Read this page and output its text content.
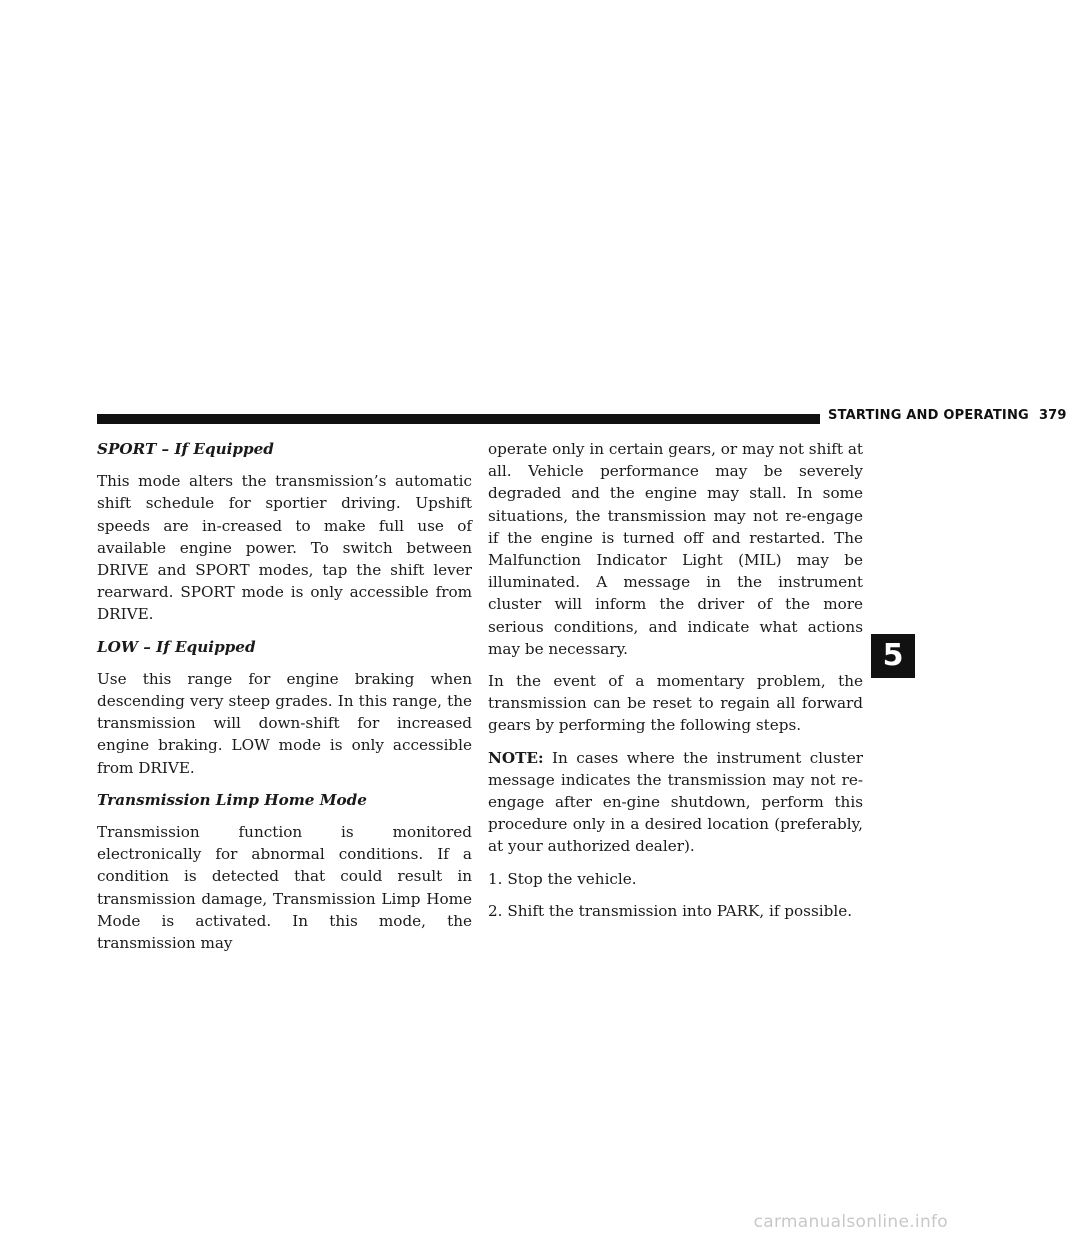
STARTING AND OPERATING 379
SPORT – If Equipped

This mode alters the transmission’s automatic shift schedule for sportier driving. Upshift speeds are in-creased to make full use of available engine power. To switch between DRIVE and SPORT modes, tap the shift lever rearward. SPORT mode is only accessible from DRIVE.

LOW – If Equipped

Use this range for engine braking when descending very steep grades. In this range, the transmission will down-shift for increased engine braking. LOW mode is only accessible from DRIVE.

Transmission Limp Home Mode

Transmission function is monitored electronically for abnormal conditions. If a condition is detected that could result in transmission damage, Transmission Limp Home Mode is activated. In this mode, the transmission may

operate only in certain gears, or may not shift at all. Vehicle performance may be severely degraded and the engine may stall. In some situations, the transmission may not re-engage if the engine is turned off and restarted. The Malfunction Indicator Light (MIL) may be illuminated. A message in the instrument cluster will inform the driver of the more serious conditions, and indicate what actions may be necessary.

In the event of a momentary problem, the transmission can be reset to regain all forward gears by performing the following steps.

NOTE: In cases where the instrument cluster message indicates the transmission may not re-engage after en-gine shutdown, perform this procedure only in a desired location (preferably, at your authorized dealer).

1. Stop the vehicle.

2. Shift the transmission into PARK, if possible.

5
carmanualsonline.info
